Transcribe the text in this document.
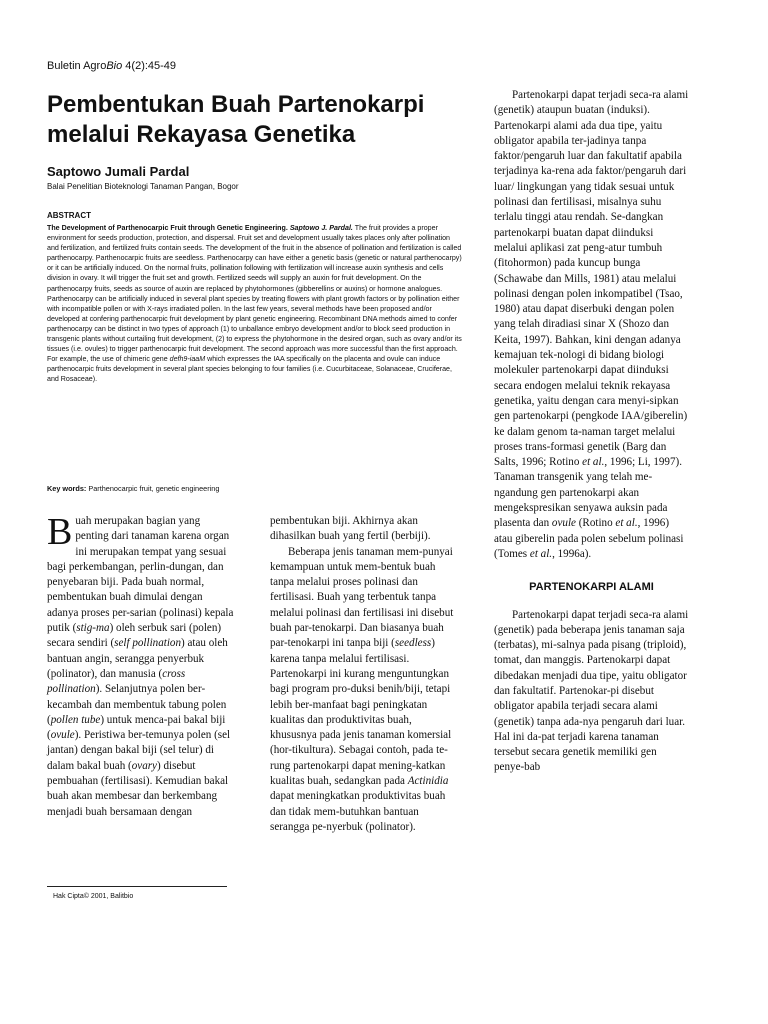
Buletin AgroBio 4(2):45-49
Pembentukan Buah Partenokarpi melalui Rekayasa Genetika
Saptowo Jumali Pardal
Balai Penelitian Bioteknologi Tanaman Pangan, Bogor
ABSTRACT

The Development of Parthenocarpic Fruit through Genetic Engineering. Saptowo J. Pardal. The fruit provides a proper environment for seeds production, protection, and dispersal. Fruit set and development usually takes places only after pollination and fertilization, and fertilized fruits contain seeds. The development of the fruit in the absence of pollination and fertilization is called parthenocarpy. Parthenocarpic fruits are seedless. Parthenocarpy can have either a genetic basis (genetic or natural parthenocarpy) or it can be artificially induced. On the normal fruits, pollination following with fertilization will increase auxin synthesis and cells division in ovary. It will trigger the fruit set and growth. Fertilized seeds will supply an auxin for fruit development. On the parthenocarpy fruits, seeds as source of auxin are replaced by phytohormones (gibberellins or auxins) or hormone analogues. Parthenocarpy can be artificially induced in several plant species by treating flowers with plant growth factors or by pollination either with incompatible pollen or with X-rays irradiated pollen. In the last few years, several methods have been proposed and/or developed at confering parthenocarpic fruit development by plant genetic engineering. Recombinant DNA methods aimed to confer parthenocarpy can be distinct in two types of approach (1) to unballance embryo development and/or to block seed production in transgenic plants without curtailing fruit development, (2) to express the phytohormone in the desired organ, such as ovary and/or its tissues (i.e. ovules) to trigger parthenocarpic fruit development. The second approach was more successful than the first approach. For example, the use of chimeric gene defh9-iaaM which expresses the IAA specifically on the placenta and ovule can induce parthenocarpic fruits development in several plant species belonging to four families (i.e. Cucurbitaceae, Solanaceae, Cruciferae, and Rosaceae).

Key words: Parthenocarpic fruit, genetic engineering

Buah merupakan bagian yang penting dari tanaman karena organ ini merupakan tempat yang sesuai bagi perkembangan, perlin-dungan, dan penyebaran biji. Pada buah normal, pembentukan buah dimulai dengan adanya proses per-sarian (polinasi) kepala putik (stig-ma) oleh serbuk sari (polen) secara sendiri (self pollination) atau oleh bantuan angin, serangga penyerbuk (polinator), dan manusia (cross pollination). Selanjutnya polen ber-kecambah dan membentuk tabung polen (pollen tube) untuk menca-pai bakal biji (ovule). Peristiwa ber-temunya polen (sel jantan) dengan bakal biji (sel telur) di dalam bakal buah (ovary) disebut pembuahan (fertilisasi). Kemudian bakal buah akan membesar dan berkembang menjadi buah bersamaan dengan

pembentukan biji. Akhirnya akan dihasilkan buah yang fertil (berbiji).

Beberapa jenis tanaman mem-punyai kemampuan untuk mem-bentuk buah tanpa melalui proses polinasi dan fertilisasi. Buah yang terbentuk tanpa melalui polinasi dan fertilisasi ini disebut buah par-tenokarpi. Dan biasanya buah par-tenokarpi ini tanpa biji (seedless) karena tanpa melalui fertilisasi. Partenokarpi ini kurang menguntungkan bagi program pro-duksi benih/biji, tetapi lebih ber-manfaat bagi peningkatan kualitas dan produktivitas buah, khususnya pada jenis tanaman komersial (hor-tikultura). Sebagai contoh, pada te-rung partenokarpi dapat mening-katkan kualitas buah, sedangkan pada Actinidia dapat meningkatkan produktivitas buah dan tidak mem-butuhkan bantuan serangga pe-nyerbuk (polinator).

Partenokarpi dapat terjadi seca-ra alami (genetik) ataupun buatan (induksi). Partenokarpi alami ada dua tipe, yaitu obligator apabila ter-jadinya tanpa faktor/pengaruh luar dan fakultatif apabila terjadinya ka-rena ada faktor/pengaruh dari luar/ lingkungan yang tidak sesuai untuk polinasi dan fertilisasi, misalnya suhu terlalu tinggi atau rendah. Se-dangkan partenokarpi buatan dapat diinduksi melalui aplikasi zat peng-atur tumbuh (fitohormon) pada kuncup bunga (Schawabe dan Mills, 1981) atau melalui polinasi dengan polen inkompatibel (Tsao, 1980) atau dapat diserbuki dengan polen yang telah diradiasi sinar X (Shozo dan Keita, 1997). Bahkan, kini dengan adanya kemajuan tek-nologi di bidang biologi molekuler partenokarpi dapat diinduksi secara endogen melalui teknik rekayasa genetika, yaitu dengan cara menyi-sipkan gen partenokarpi (pengkode IAA/giberelin) ke dalam genom ta-naman target melalui proses trans-formasi genetik (Barg dan Salts, 1996; Rotino et al., 1996; Li, 1997). Tanaman transgenik yang telah me-ngandung gen partenokarpi akan mengekspresikan senyawa auksin pada plasenta dan ovule (Rotino et al., 1996) atau giberelin pada polen sebelum polinasi (Tomes et al., 1996a).

PARTENOKARPI ALAMI

Partenokarpi dapat terjadi seca-ra alami (genetik) pada beberapa jenis tanaman saja (terbatas), mi-salnya pada pisang (triploid), tomat, dan manggis. Partenokarpi dapat dibedakan menjadi dua tipe, yaitu obligator dan fakultatif. Partenokar-pi disebut obligator apabila terjadi secara alami (genetik) tanpa ada-nya pengaruh dari luar. Hal ini da-pat terjadi karena tanaman tersebut secara genetik memiliki gen penye-bab

Hak Cipta© 2001, Balitbio
